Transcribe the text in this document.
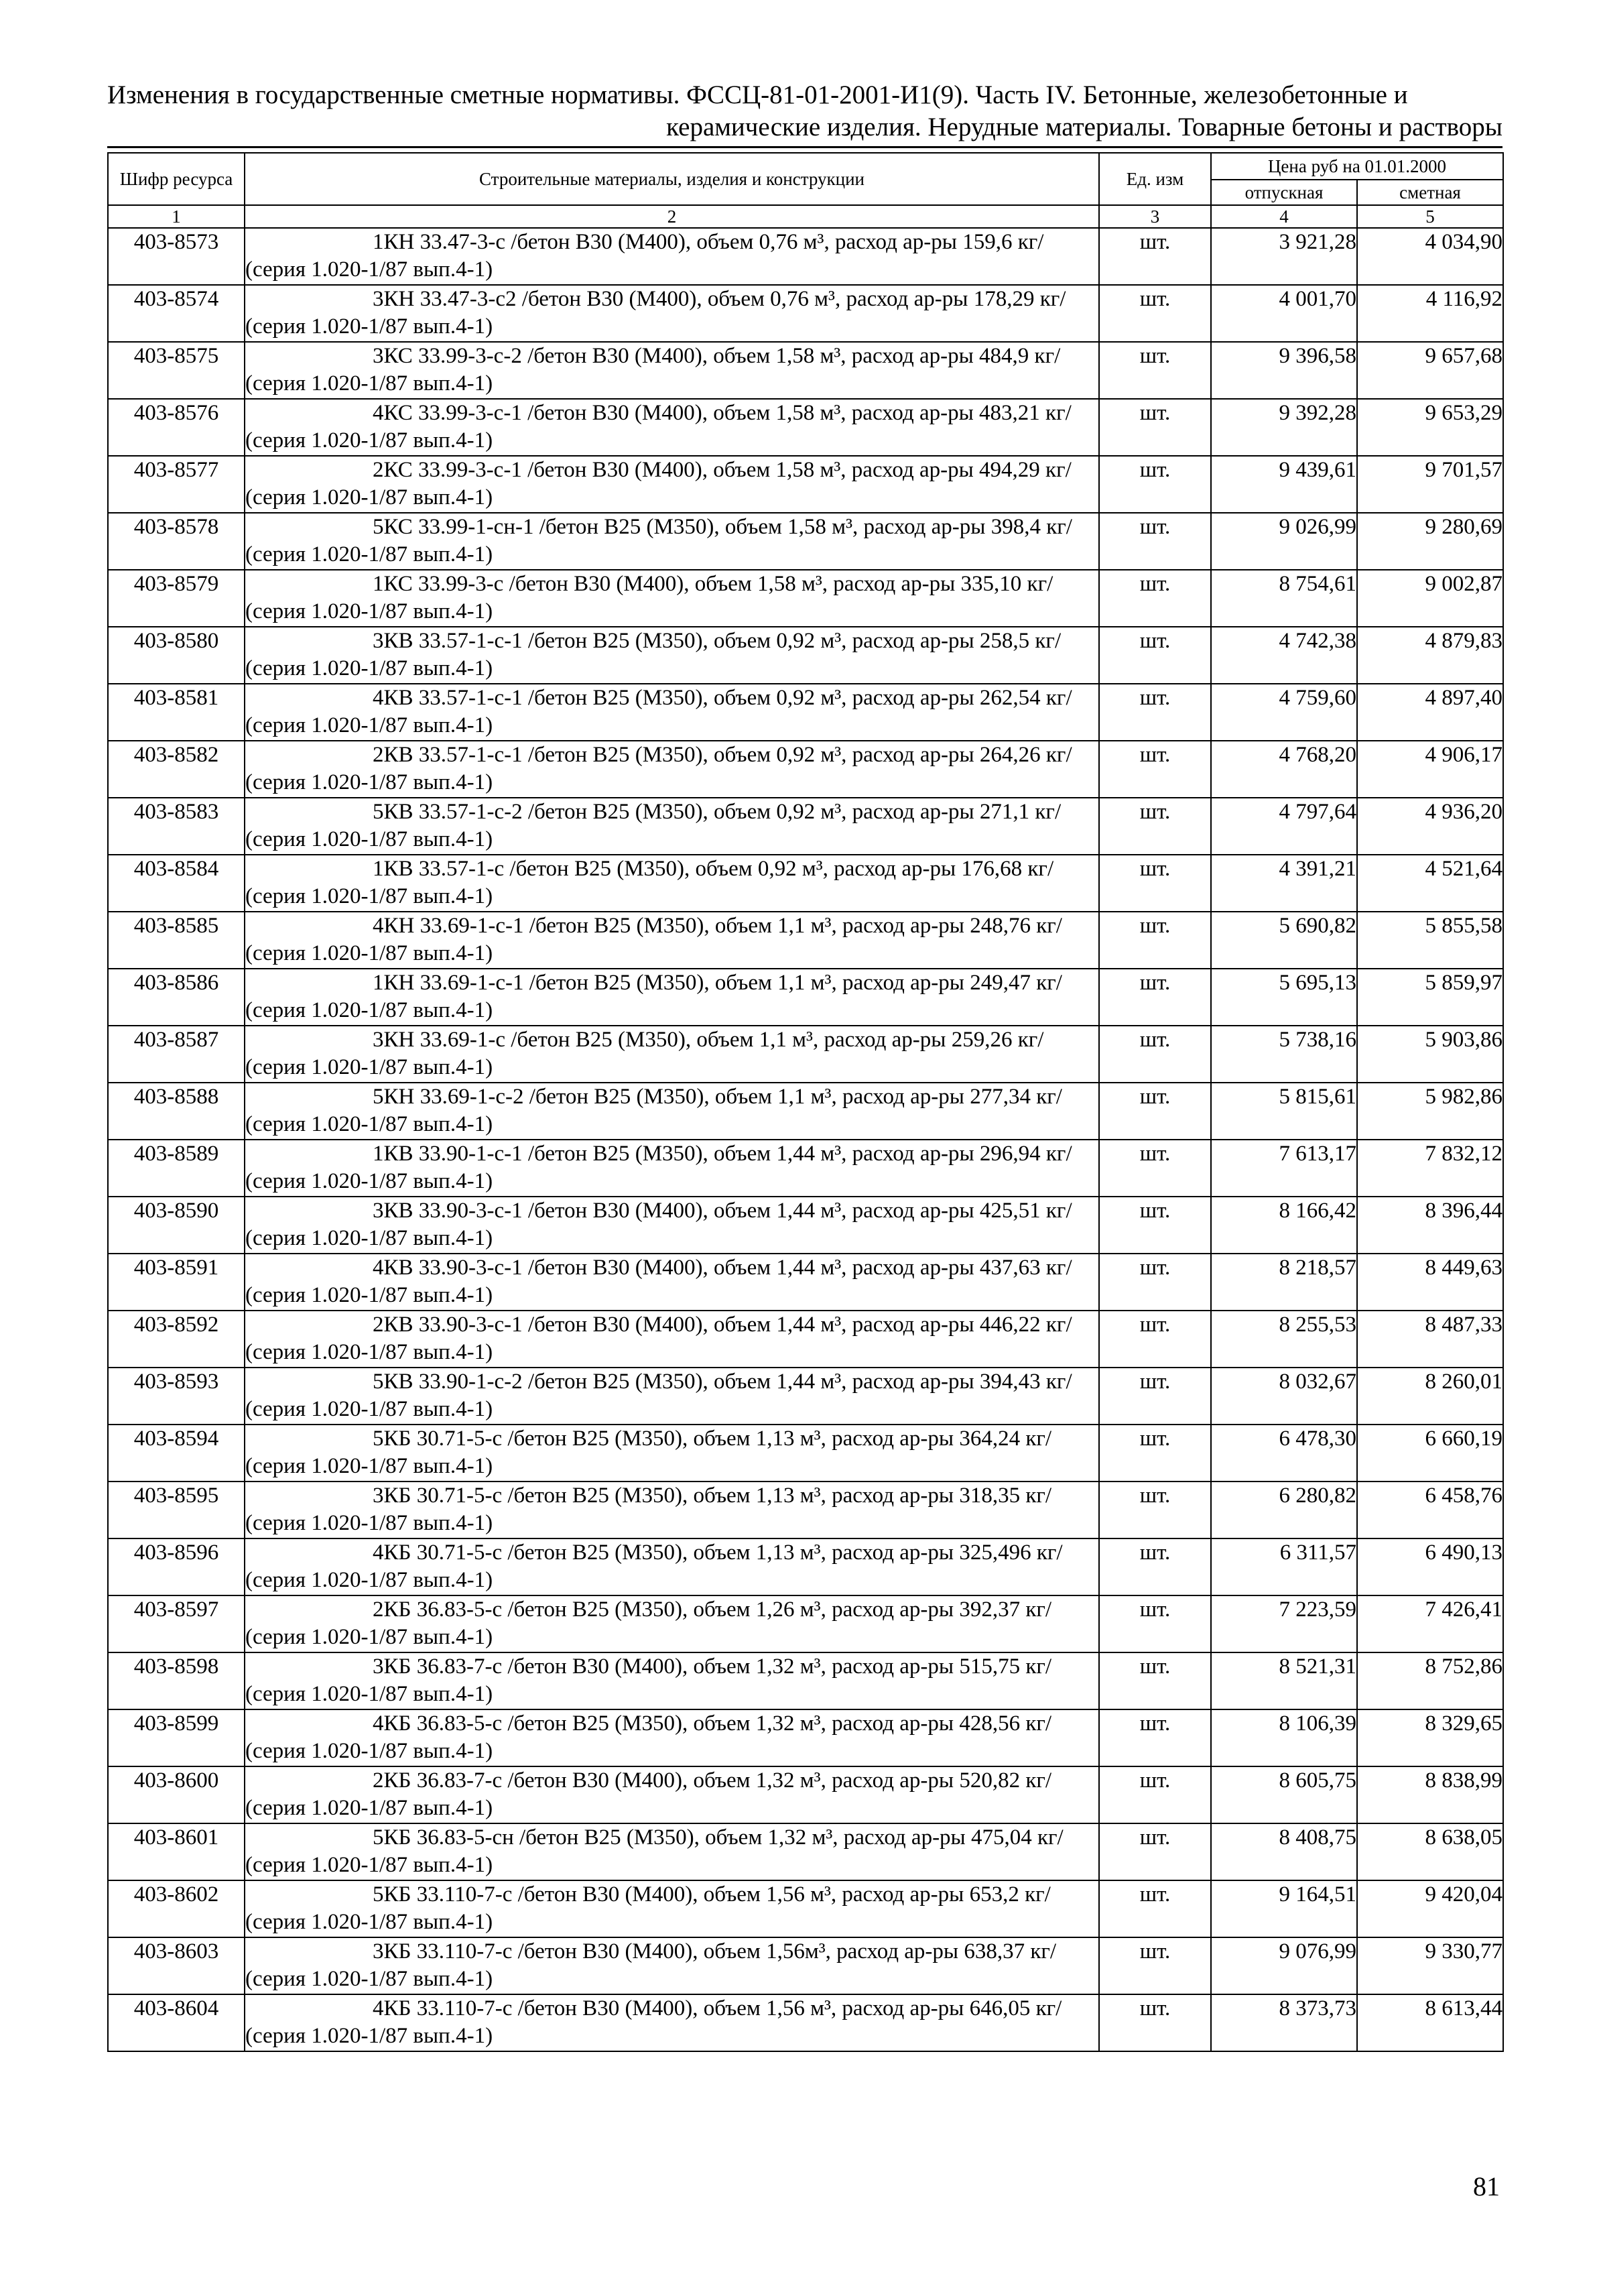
Изменения в государственные сметные нормативы. ФССЦ-81-01-2001-И1(9). Часть IV. Бетонные, железобетонные и
керамические изделия. Нерудные материалы. Товарные бетоны и растворы
Шифр ресурса	Строительные материалы, изделия и конструкции	Ед. изм	Цена руб на 01.01.2000	
			отпускная	сметная
1	2	3	4	5
403-8573	1КН 33.47-3-с /бетон В30 (М400), объем 0,76 м³, расход ар-ры 159,6 кг/ (серия 1.020-1/87 вып.4-1)	шт.	3 921,28	4 034,90
403-8574	3КН 33.47-3-с2 /бетон В30 (М400), объем 0,76 м³, расход ар-ры 178,29 кг/ (серия 1.020-1/87 вып.4-1)	шт.	4 001,70	4 116,92
403-8575	3КС 33.99-3-с-2 /бетон В30 (М400), объем 1,58 м³, расход ар-ры 484,9 кг/ (серия 1.020-1/87 вып.4-1)	шт.	9 396,58	9 657,68
403-8576	4КС 33.99-3-с-1 /бетон В30 (М400), объем 1,58 м³, расход ар-ры 483,21 кг/ (серия 1.020-1/87 вып.4-1)	шт.	9 392,28	9 653,29
403-8577	2КС 33.99-3-с-1 /бетон В30 (М400), объем 1,58 м³, расход ар-ры 494,29 кг/ (серия 1.020-1/87 вып.4-1)	шт.	9 439,61	9 701,57
403-8578	5КС 33.99-1-сн-1 /бетон В25 (М350), объем 1,58 м³, расход ар-ры 398,4 кг/ (серия 1.020-1/87 вып.4-1)	шт.	9 026,99	9 280,69
403-8579	1КС 33.99-3-с /бетон В30 (М400), объем 1,58 м³, расход ар-ры 335,10 кг/ (серия 1.020-1/87 вып.4-1)	шт.	8 754,61	9 002,87
403-8580	3КВ 33.57-1-с-1 /бетон В25 (М350), объем 0,92 м³, расход ар-ры 258,5 кг/ (серия 1.020-1/87 вып.4-1)	шт.	4 742,38	4 879,83
403-8581	4КВ 33.57-1-с-1 /бетон В25 (М350), объем 0,92 м³, расход ар-ры 262,54 кг/ (серия 1.020-1/87 вып.4-1)	шт.	4 759,60	4 897,40
403-8582	2КВ 33.57-1-с-1 /бетон В25 (М350), объем 0,92 м³, расход ар-ры 264,26 кг/ (серия 1.020-1/87 вып.4-1)	шт.	4 768,20	4 906,17
403-8583	5КВ 33.57-1-с-2 /бетон В25 (М350), объем 0,92 м³, расход ар-ры 271,1 кг/ (серия 1.020-1/87 вып.4-1)	шт.	4 797,64	4 936,20
403-8584	1КВ 33.57-1-с /бетон В25 (М350), объем 0,92 м³, расход ар-ры 176,68 кг/ (серия 1.020-1/87 вып.4-1)	шт.	4 391,21	4 521,64
403-8585	4КН 33.69-1-с-1 /бетон В25 (М350), объем 1,1 м³, расход ар-ры 248,76 кг/ (серия 1.020-1/87 вып.4-1)	шт.	5 690,82	5 855,58
403-8586	1КН 33.69-1-с-1 /бетон В25 (М350), объем 1,1 м³, расход ар-ры 249,47 кг/ (серия 1.020-1/87 вып.4-1)	шт.	5 695,13	5 859,97
403-8587	3КН 33.69-1-с /бетон В25 (М350), объем 1,1 м³, расход ар-ры 259,26 кг/ (серия 1.020-1/87 вып.4-1)	шт.	5 738,16	5 903,86
403-8588	5КН 33.69-1-с-2 /бетон В25 (М350), объем 1,1 м³, расход ар-ры 277,34 кг/ (серия 1.020-1/87 вып.4-1)	шт.	5 815,61	5 982,86
403-8589	1КВ 33.90-1-с-1 /бетон В25 (М350), объем 1,44 м³, расход ар-ры 296,94 кг/ (серия 1.020-1/87 вып.4-1)	шт.	7 613,17	7 832,12
403-8590	3КВ 33.90-3-с-1 /бетон В30 (М400), объем 1,44 м³, расход ар-ры 425,51 кг/ (серия 1.020-1/87 вып.4-1)	шт.	8 166,42	8 396,44
403-8591	4КВ 33.90-3-с-1 /бетон В30 (М400), объем 1,44 м³, расход ар-ры 437,63 кг/ (серия 1.020-1/87 вып.4-1)	шт.	8 218,57	8 449,63
403-8592	2КВ 33.90-3-с-1 /бетон В30 (М400), объем 1,44 м³, расход ар-ры 446,22 кг/ (серия 1.020-1/87 вып.4-1)	шт.	8 255,53	8 487,33
403-8593	5КВ 33.90-1-с-2 /бетон В25 (М350), объем 1,44 м³, расход ар-ры 394,43 кг/ (серия 1.020-1/87 вып.4-1)	шт.	8 032,67	8 260,01
403-8594	5КБ 30.71-5-с /бетон В25 (М350), объем 1,13 м³, расход ар-ры 364,24 кг/ (серия 1.020-1/87 вып.4-1)	шт.	6 478,30	6 660,19
403-8595	3КБ 30.71-5-с /бетон В25 (М350), объем 1,13 м³, расход ар-ры 318,35 кг/ (серия 1.020-1/87 вып.4-1)	шт.	6 280,82	6 458,76
403-8596	4КБ 30.71-5-с /бетон В25 (М350), объем 1,13 м³, расход ар-ры 325,496 кг/ (серия 1.020-1/87 вып.4-1)	шт.	6 311,57	6 490,13
403-8597	2КБ 36.83-5-с /бетон В25 (М350), объем 1,26 м³, расход ар-ры 392,37 кг/ (серия 1.020-1/87 вып.4-1)	шт.	7 223,59	7 426,41
403-8598	3КБ 36.83-7-с /бетон В30 (М400), объем 1,32 м³, расход ар-ры 515,75 кг/ (серия 1.020-1/87 вып.4-1)	шт.	8 521,31	8 752,86
403-8599	4КБ 36.83-5-с /бетон В25 (М350), объем 1,32 м³, расход ар-ры 428,56 кг/ (серия 1.020-1/87 вып.4-1)	шт.	8 106,39	8 329,65
403-8600	2КБ 36.83-7-с /бетон В30 (М400), объем 1,32 м³, расход ар-ры 520,82 кг/ (серия 1.020-1/87 вып.4-1)	шт.	8 605,75	8 838,99
403-8601	5КБ 36.83-5-сн /бетон В25 (М350), объем 1,32 м³, расход ар-ры 475,04 кг/ (серия 1.020-1/87 вып.4-1)	шт.	8 408,75	8 638,05
403-8602	5КБ 33.110-7-с /бетон В30 (М400), объем 1,56 м³, расход ар-ры 653,2 кг/ (серия 1.020-1/87 вып.4-1)	шт.	9 164,51	9 420,04
403-8603	3КБ 33.110-7-с /бетон В30 (М400), объем 1,56м³, расход ар-ры 638,37 кг/ (серия 1.020-1/87 вып.4-1)	шт.	9 076,99	9 330,77
403-8604	4КБ 33.110-7-с /бетон В30 (М400), объем 1,56 м³, расход ар-ры 646,05 кг/ (серия 1.020-1/87 вып.4-1)	шт.	8 373,73	8 613,44
81
